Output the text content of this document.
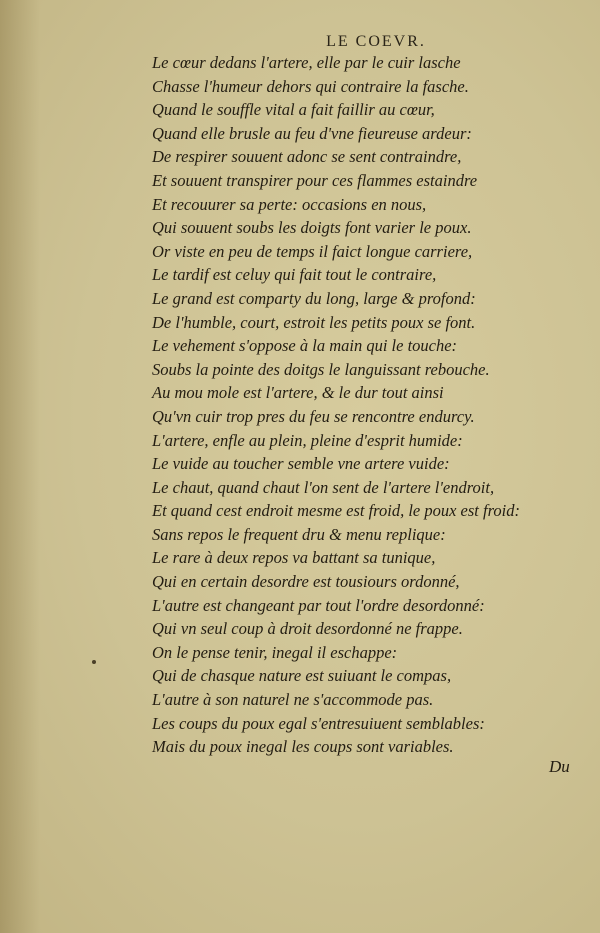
LE COEVR.
Le cœur dedans l'artere, elle par le cuir lasche
Chasse l'humeur dehors qui contraire la fasche.
Quand le souffle vital a fait faillir au cœur,
Quand elle brusle au feu d'vne fieureuse ardeur:
De respirer souuent adonc se sent contraindre,
Et souuent transpirer pour ces flammes estaindre
Et recouurer sa perte: occasions en nous,
Qui souuent soubs les doigts font varier le poux.
Or viste en peu de temps il faict longue carriere,
Le tardif est celuy qui fait tout le contraire,
Le grand est comparty du long, large & profond:
De l'humble, court, estroit les petits poux se font.
Le vehement s'oppose à la main qui le touche:
Soubs la pointe des doitgs le languissant rebouche.
Au mou mole est l'artere, & le dur tout ainsi
Qu'vn cuir trop pres du feu se rencontre endurcy.
L'artere, enfle au plein, pleine d'esprit humide:
Le vuide au toucher semble vne artere vuide:
Le chaut, quand chaut l'on sent de l'artere l'endroit,
Et quand cest endroit mesme est froid, le poux est froid:
Sans repos le frequent dru & menu replique:
Le rare à deux repos va battant sa tunique,
Qui en certain desordre est tousiours ordonné,
L'autre est changeant par tout l'ordre desordonné:
Qui vn seul coup à droit desordonné ne frappe.
On le pense tenir, inegal il eschappe:
Qui de chasque nature est suiuant le compas,
L'autre à son naturel ne s'accommode pas.
Les coups du poux egal s'entresuiuent semblables:
Mais du poux inegal les coups sont variables.
Du
